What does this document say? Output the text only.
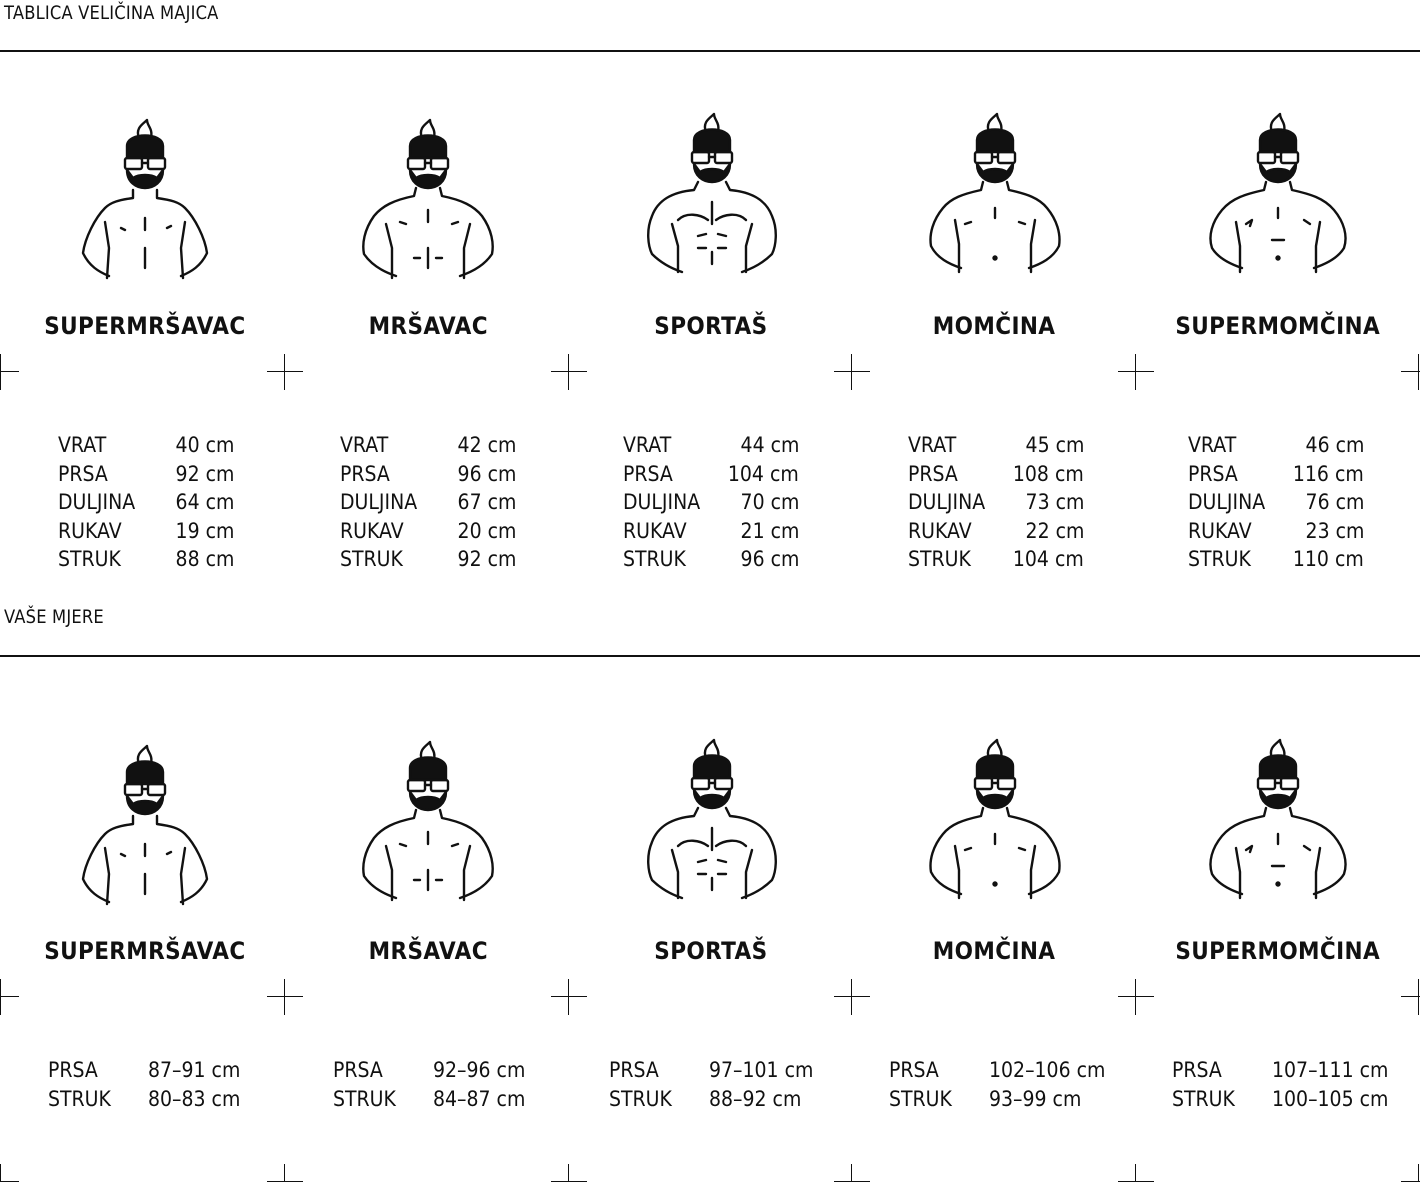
TABLICA VELIČINA MAJICA
SUPERMRŠAVAC	MRŠAVAC	SPORTAŠ	MOMČINA	SUPERMOMČINA
VRAT	40 cm
PRSA	92 cm
DULJINA 64 cm
RUKAV	19 cm
STRUK	88 cm
VRAT	42 cm
PRSA	96 cm
DULJINA 67 cm
RUKAV	20 cm
STRUK	92 cm
VRAT	44 cm
PRSA	104 cm
DULJINA 70 cm
RUKAV	21 cm
STRUK	96 cm
VRAT	45 cm
PRSA	108 cm
DULJINA 73 cm
RUKAV	22 cm
STRUK 104 cm
VRAT	46 cm
PRSA	116 cm
DULJINA 76 cm
RUKAV	23 cm
STRUK 110 cm
VAŠE MJERE
SUPERMRŠAVAC	MRŠAVAC	SPORTAŠ	MOMČINA	SUPERMOMČINA
PRSA 87–91 cm
STRUK 80–83 cm
PRSA 92–96 cm
STRUK 84–87 cm
PRSA 97–101 cm
STRUK 88–92 cm
PRSA 102–106 cm
STRUK 93–99 cm
PRSA 107–111 cm
STRUK 100–105 cm
